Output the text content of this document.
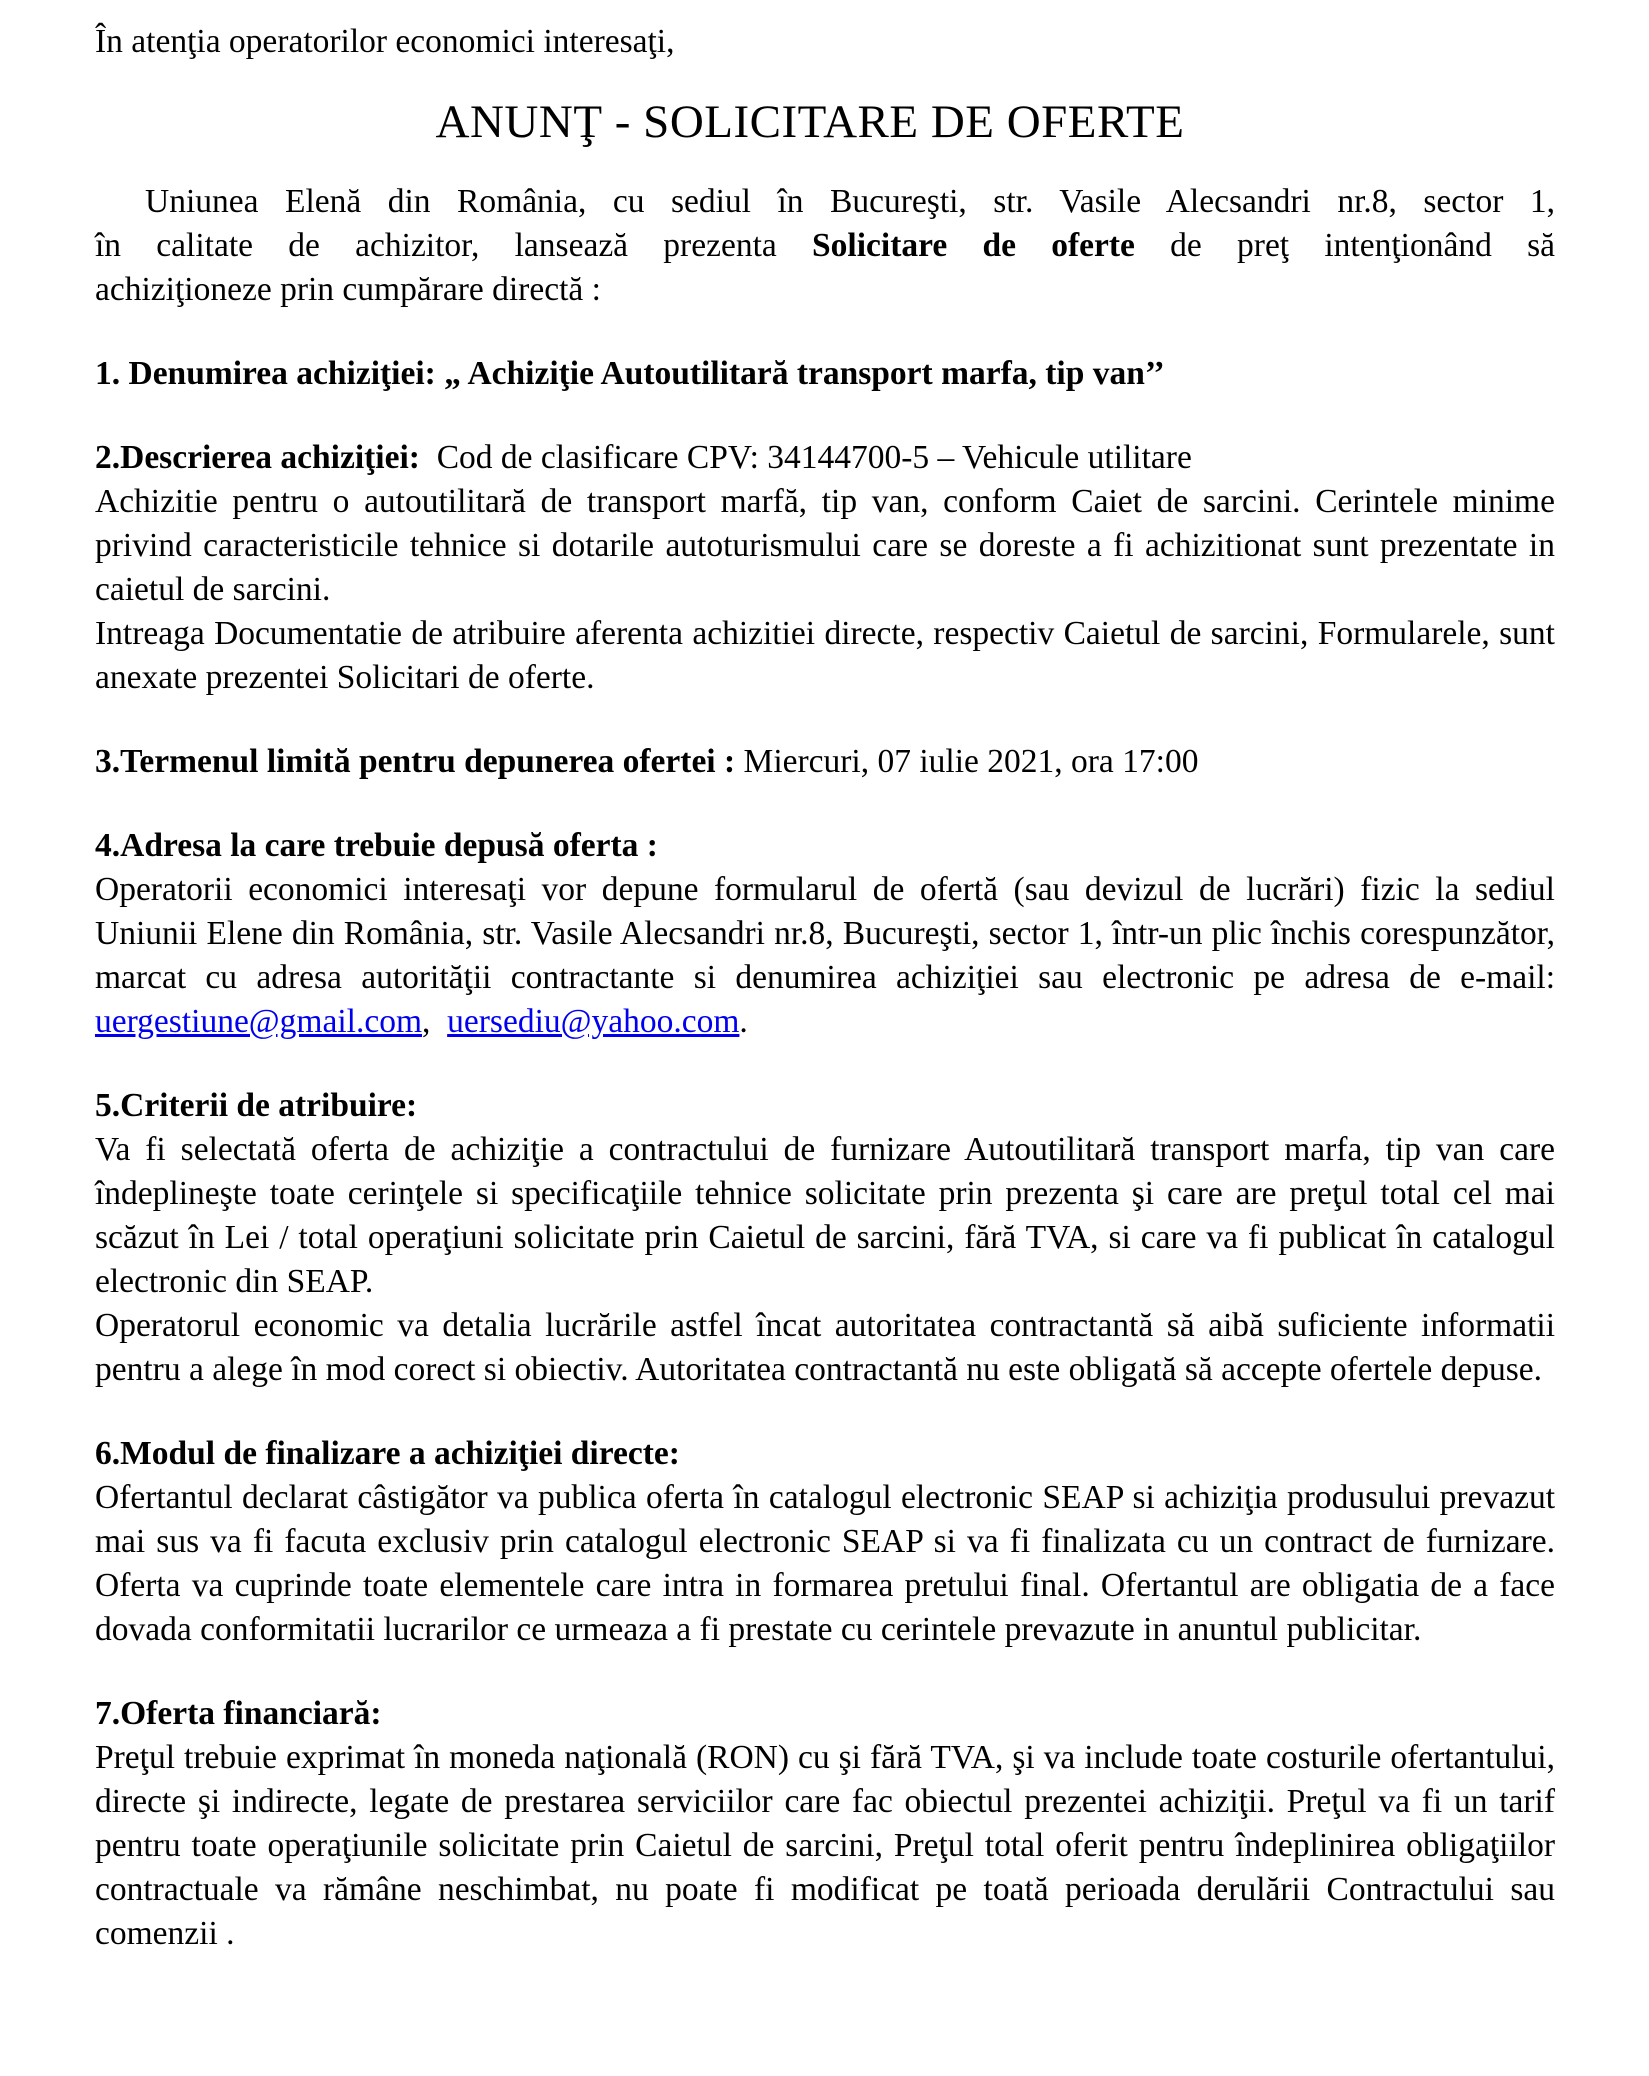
În atenţia operatorilor economici interesaţi,

ANUNŢ - SOLICITARE DE OFERTE

Uniunea Elenă din România, cu sediul în Bucureşti, str. Vasile Alecsandri nr.8, sector 1,

în calitate de achizitor, lansează prezenta Solicitare de oferte de preţ intenţionând să

achiziţioneze prin cumpărare directă :

1. Denumirea achiziţiei: „ Achiziţie Autoutilitară transport marfa, tip van’’

2.Descrierea achiziţiei:  Cod de clasificare CPV: 34144700-5 – Vehicule utilitare

Achizitie pentru o autoutilitară de transport marfă, tip van, conform Caiet de sarcini. Cerintele minime privind caracteristicile tehnice si dotarile autoturismului care se doreste a fi achizitionat sunt prezentate in caietul de sarcini.

Intreaga Documentatie de atribuire aferenta achizitiei directe, respectiv Caietul de sarcini, Formularele, sunt anexate prezentei Solicitari de oferte.

3.Termenul limită pentru depunerea ofertei : Miercuri, 07 iulie 2021, ora 17:00

4.Adresa la care trebuie depusă oferta :

Operatorii economici interesaţi vor depune formularul de ofertă (sau devizul de lucrări) fizic la sediul Uniunii Elene din România, str. Vasile Alecsandri nr.8, Bucureşti, sector 1, într-un plic închis corespunzător, marcat cu adresa autorităţii contractante si denumirea achiziţiei sau electronic pe adresa de e-mail: uergestiune@gmail.com,  uersediu@yahoo.com.

5.Criterii de atribuire:

Va fi selectată oferta de achiziţie a contractului de furnizare Autoutilitară transport marfa, tip van care îndeplineşte toate cerinţele si specificaţiile tehnice solicitate prin prezenta şi care are preţul total cel mai scăzut în Lei / total operaţiuni solicitate prin Caietul de sarcini, fără TVA, si care va fi publicat în catalogul electronic din SEAP.

Operatorul economic va detalia lucrările astfel încat autoritatea contractantă să aibă suficiente informatii pentru a alege în mod corect si obiectiv. Autoritatea contractantă nu este obligată să accepte ofertele depuse.

6.Modul de finalizare a achiziţiei directe:

Ofertantul declarat câstigător va publica oferta în catalogul electronic SEAP si achiziţia produsului prevazut mai sus va fi facuta exclusiv prin catalogul electronic SEAP si va fi finalizata cu un contract de furnizare. Oferta va cuprinde toate elementele care intra in formarea pretului final. Ofertantul are obligatia de a face dovada conformitatii lucrarilor ce urmeaza a fi prestate cu cerintele prevazute in anuntul publicitar.

7.Oferta financiară:

Preţul trebuie exprimat în moneda naţională (RON) cu şi fără TVA, şi va include toate costurile ofertantului, directe şi indirecte, legate de prestarea serviciilor care fac obiectul prezentei achiziţii. Preţul va fi un tarif pentru toate operaţiunile solicitate prin Caietul de sarcini, Preţul total oferit pentru îndeplinirea obligaţiilor contractuale va rămâne neschimbat, nu poate fi modificat pe toată perioada derulării Contractului sau comenzii .
